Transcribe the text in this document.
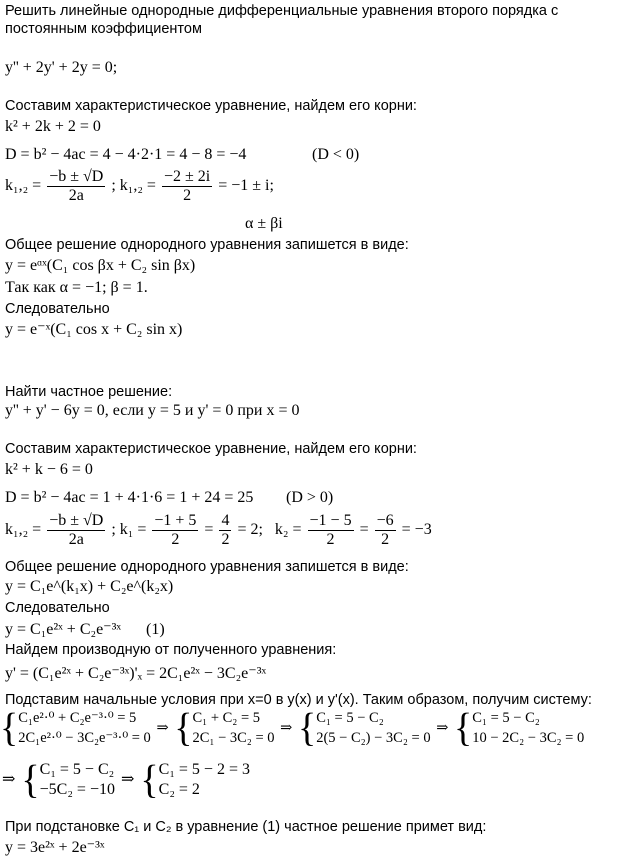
Решить линейные однородные дифференциальные уравнения второго порядка с
постоянным коэффициентом
y'' + 2y' + 2y = 0;
Составим характеристическое уравнение, найдем его корни:
k² + 2k + 2 = 0
D = b² − 4ac = 4 − 4·2·1 = 4 − 8 = −4	(D < 0)
$k_1,_2 = \frac{-b \pm √D}{2a}$ ; $k_1,_2 = \frac{-2 \pm 2i}{2} = -1 \pm i$;
α ± βi
Общее решение однородного уравнения запишется в виде:
y = eᵅˣ(C₁ cos βx + C₂ sin βx)
Так как α = −1; β = 1.
Следовательно
y = e⁻ˣ(C₁ cos x + C₂ sin x)
Найти частное решение:
y'' + y' − 6y = 0, если y = 5 и y' = 0 при x = 0
Составим характеристическое уравнение, найдем его корни:
k² + k − 6 = 0
D = b² − 4ac = 1 + 4·1·6 = 1 + 24 = 25 (D > 0)
$k_1,_2 = \frac{-b \pm √D}{2a}$ ; $k_1 = \frac{-1 + 5}{2} = \frac{4}{2} = 2$; $k_2 = \frac{-1 - 5}{2} = \frac{-6}{2} = -3$
Общее решение однородного уравнения запишется в виде:
y = C₁e^(k₁x) + C₂e^(k₂x)
Следовательно
y = C₁e²ˣ + C₂e⁻³ˣ (1)
Найдем производную от полученного уравнения:
y' = (C₁e²ˣ + C₂e⁻³ˣ)'ₓ = 2C₁e²ˣ − 3C₂e⁻³ˣ
Подставим начальные условия при x=0 в y(x) и y'(x). Таким образом, получим систему:
{ C₁e²·⁰ + C₂e⁻³·⁰ = 5
2C₁e²·⁰ − 3C₂e⁻³·⁰ = 0
⇒ { C₁ + C₂ = 5
2C₁ − 3C₂ = 0
⇒ { C₁ = 5 − C₂
2(5 − C₂) − 3C₂ = 0
⇒ { C₁ = 5 − C₂
10 − 2C₂ − 3C₂ = 0
⇒ { C₁ = 5 − C₂
−5C₂ = −10
⇒ { C₁ = 5 − 2 = 3
C₂ = 2
При подстановке C₁ и C₂ в уравнение (1) частное решение примет вид:
y = 3e²ˣ + 2e⁻³ˣ
